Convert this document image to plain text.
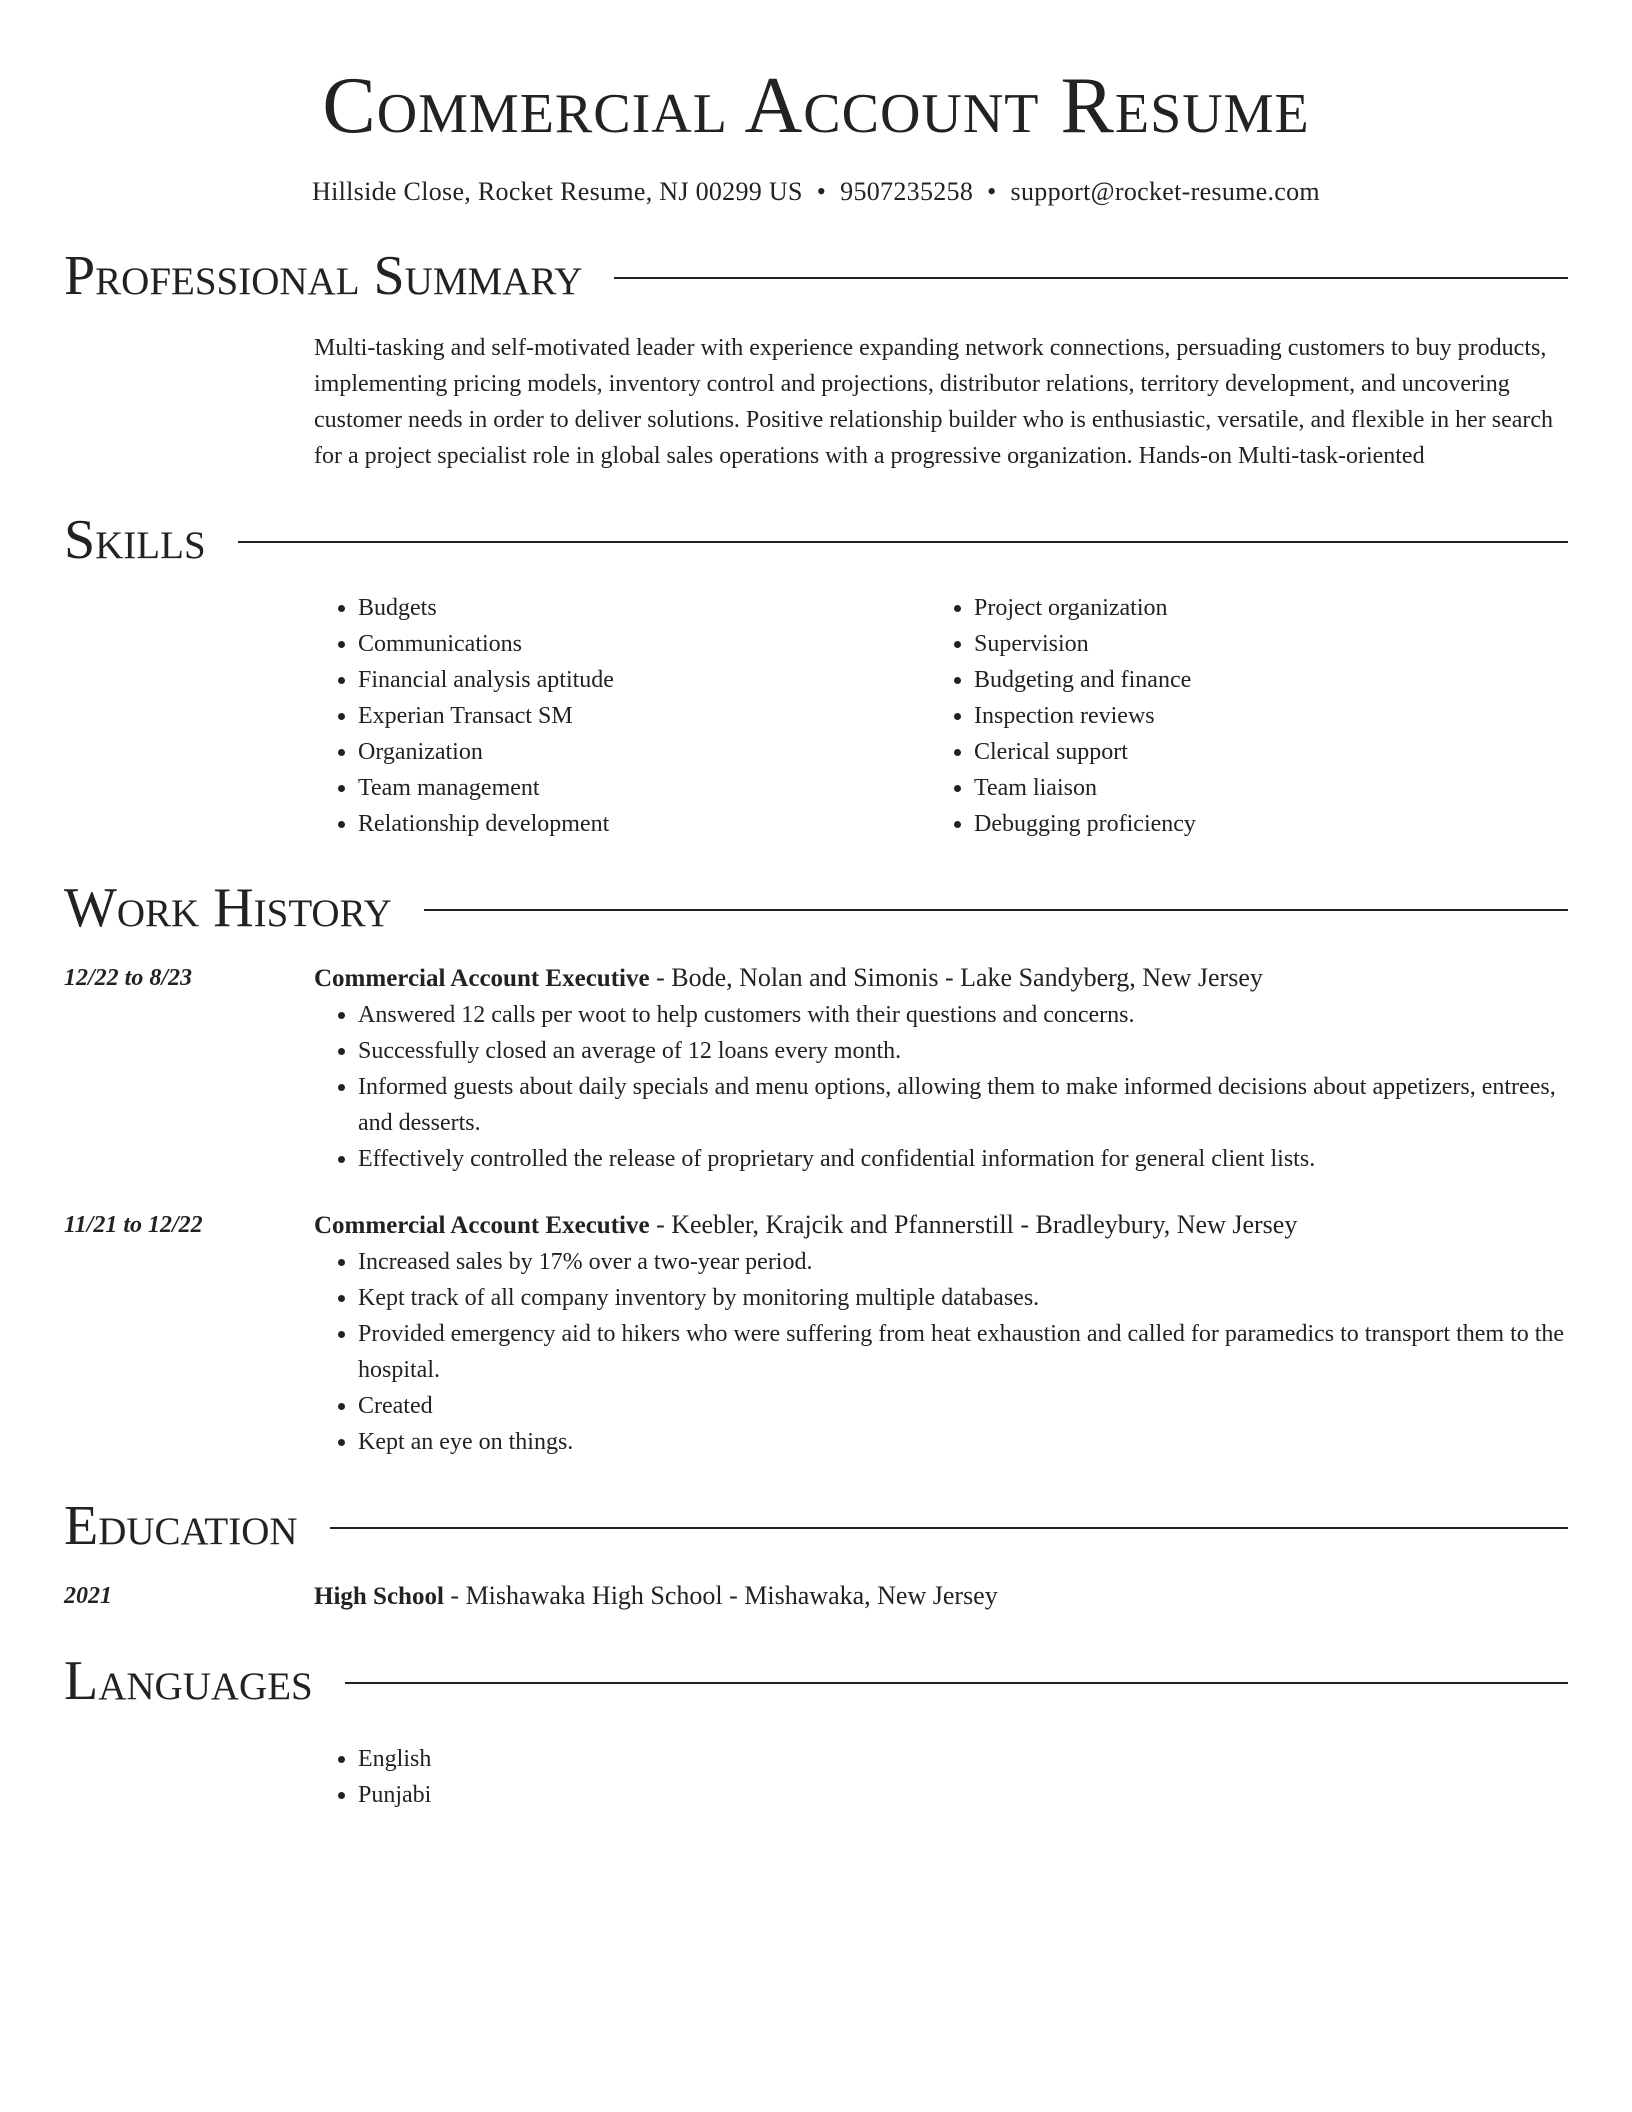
Commercial Account Resume
Hillside Close, Rocket Resume, NJ 00299 US • 9507235258 • support@rocket-resume.com
Professional Summary
Multi-tasking and self-motivated leader with experience expanding network connections, persuading customers to buy products, implementing pricing models, inventory control and projections, distributor relations, territory development, and uncovering customer needs in order to deliver solutions. Positive relationship builder who is enthusiastic, versatile, and flexible in her search for a project specialist role in global sales operations with a progressive organization. Hands-on Multi-task-oriented
Skills
• Budgets
• Communications
• Financial analysis aptitude
• Experian Transact SM
• Organization
• Team management
• Relationship development
• Project organization
• Supervision
• Budgeting and finance
• Inspection reviews
• Clerical support
• Team liaison
• Debugging proficiency
Work History
12/22 to 8/23	Commercial Account Executive - Bode, Nolan and Simonis - Lake Sandyberg, New Jersey
• Answered 12 calls per woot to help customers with their questions and concerns.
• Successfully closed an average of 12 loans every month.
• Informed guests about daily specials and menu options, allowing them to make informed decisions about appetizers, entrees, and desserts.
• Effectively controlled the release of proprietary and confidential information for general client lists.
11/21 to 12/22	Commercial Account Executive - Keebler, Krajcik and Pfannerstill - Bradleybury, New Jersey
• Increased sales by 17% over a two-year period.
• Kept track of all company inventory by monitoring multiple databases.
• Provided emergency aid to hikers who were suffering from heat exhaustion and called for paramedics to transport them to the hospital.
• Created
• Kept an eye on things.
Education
2021	High School - Mishawaka High School - Mishawaka, New Jersey
Languages
• English
• Punjabi
